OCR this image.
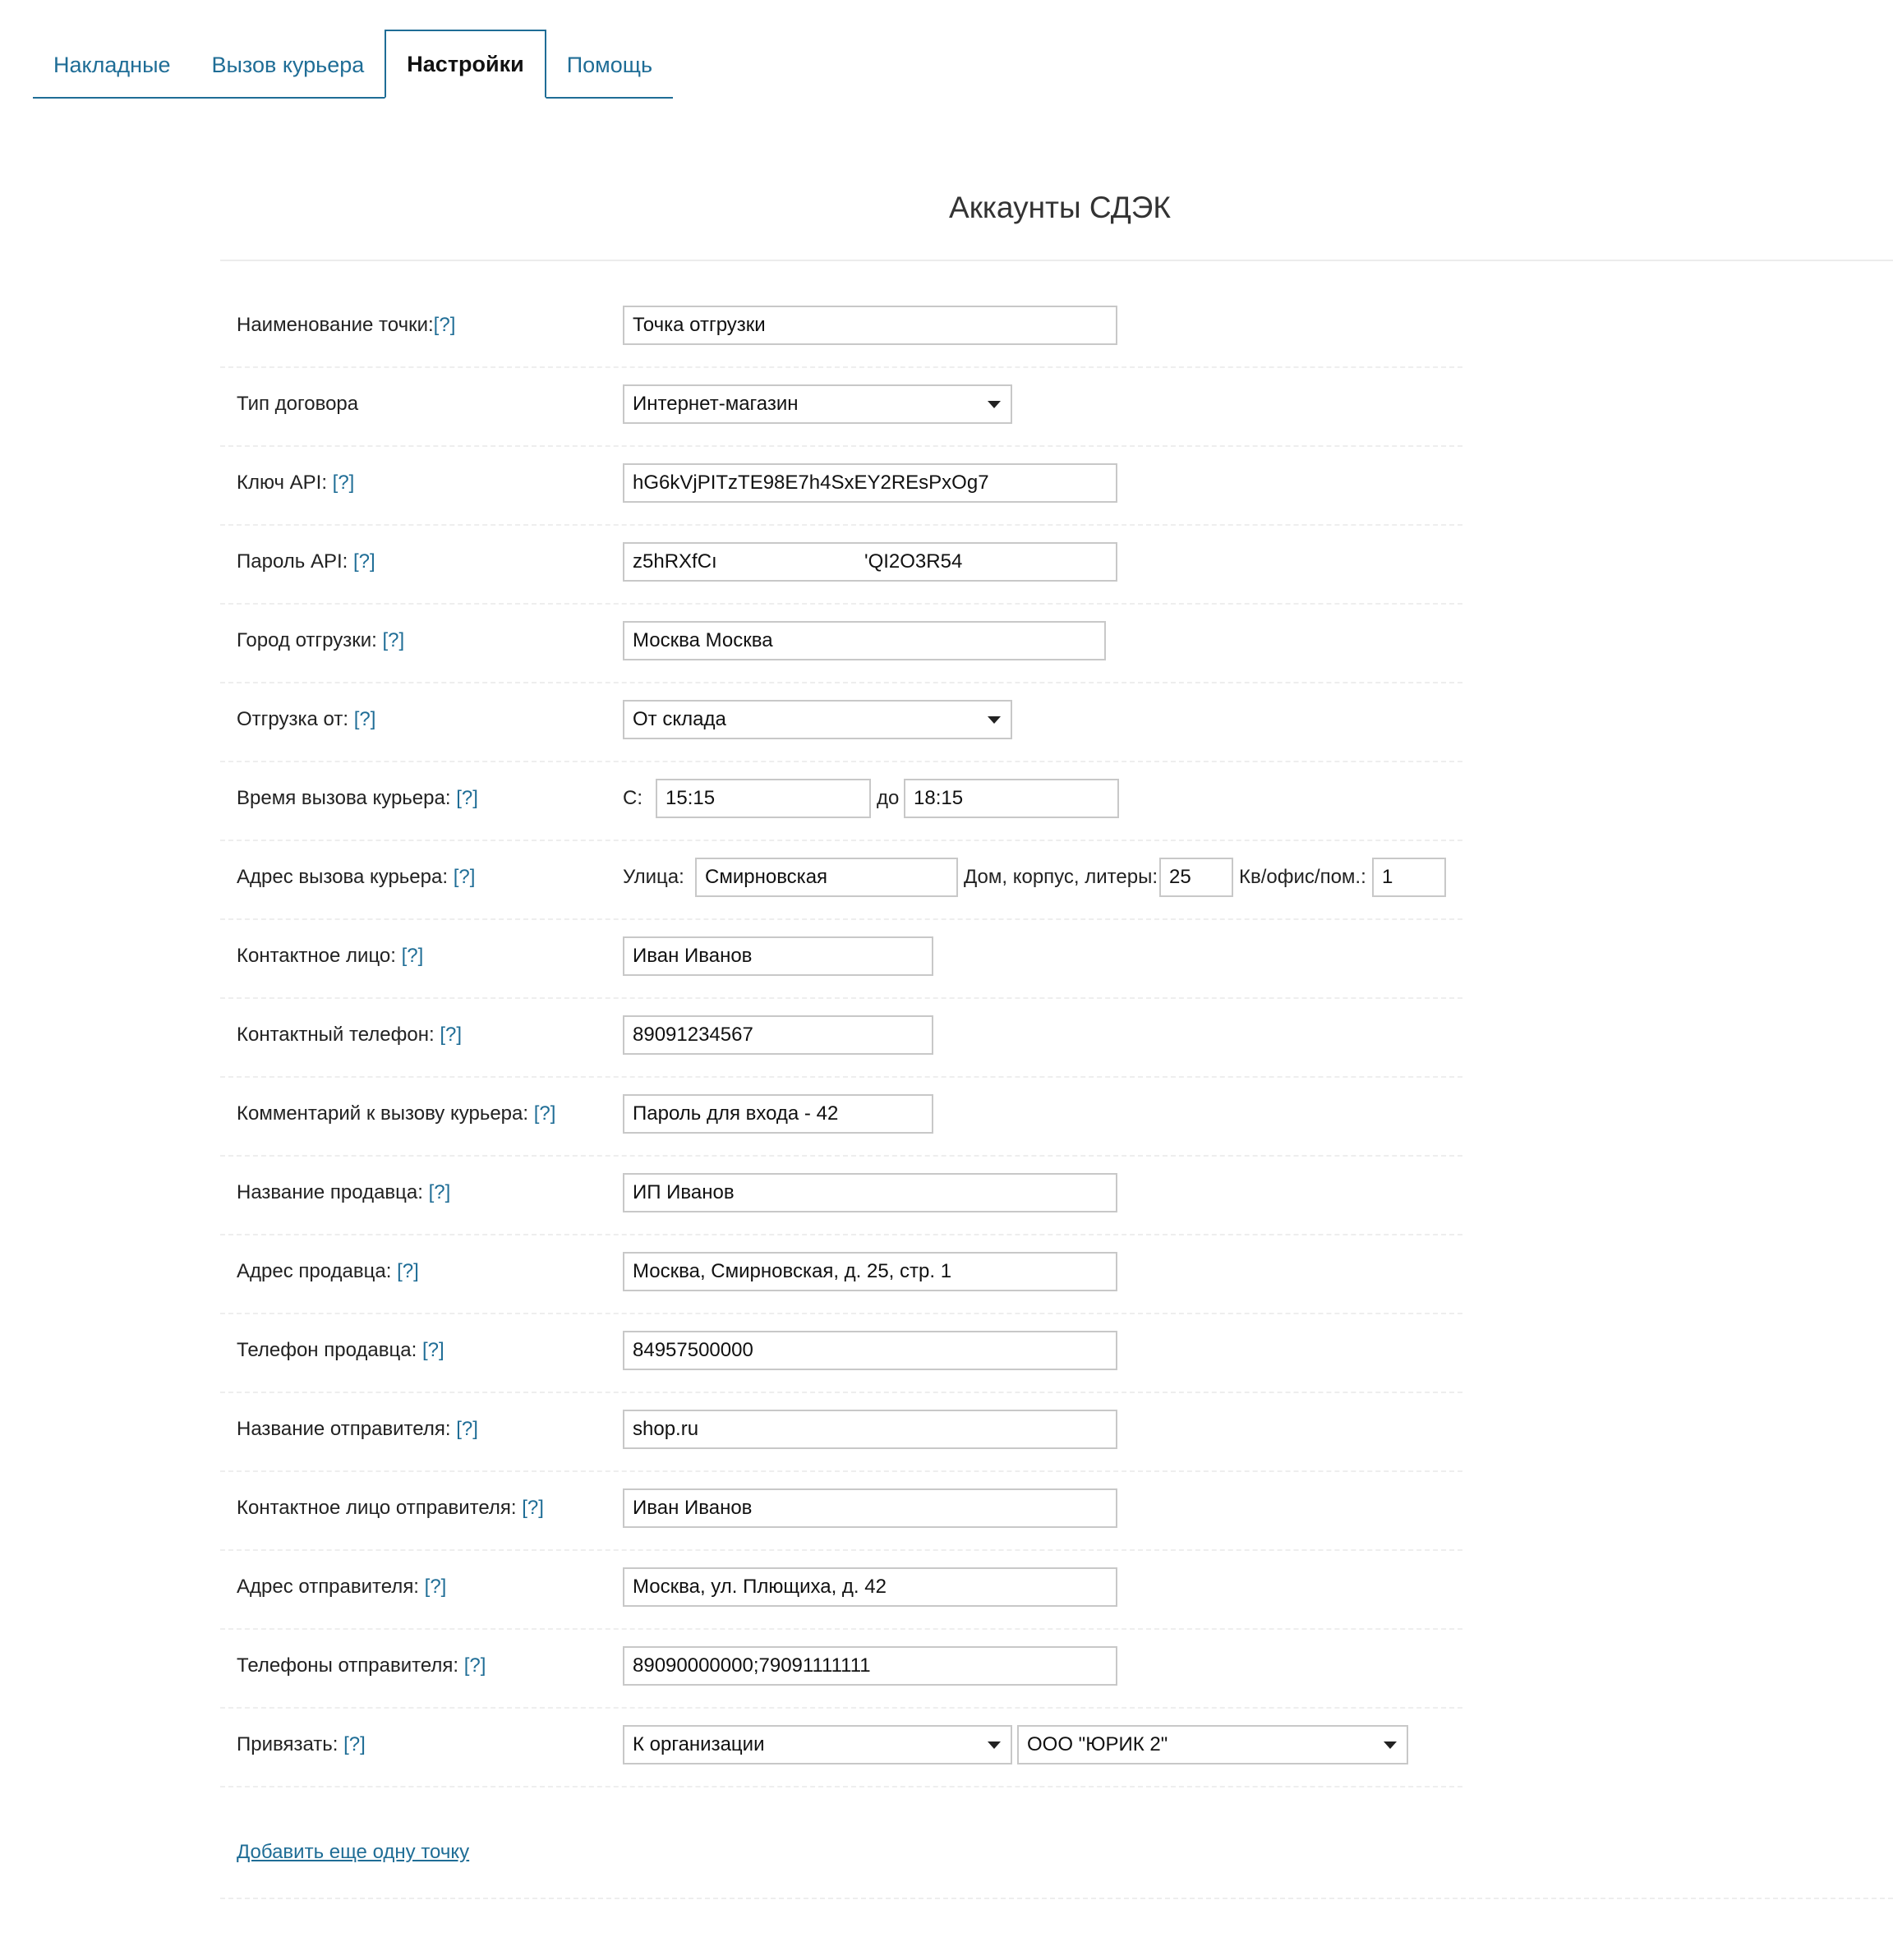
Накладные	Вызов курьера	Настройки	Помощь
Аккаунты СДЭК
Наименование точки:[?]	Точка отгрузки
Тип договора	Интернет-магазин
Ключ API: [?]	hG6kVjPITzTE98E7h4SxEY2REsPxOg7
Пароль API: [?]	z5hRXfCı	'QI2O3R54
Город отгрузки: [?]	Москва Москва
Отгрузка от: [?]	От склада
Время вызова курьера: [?]	С:	15:15	до 18:15
Адрес вызова курьера: [?]	Улица:	Смирновская	Дом, корпус, литеры: 25	Кв/офис/пом.: 1
Контактное лицо: [?]	Иван Иванов
Контактный телефон: [?]	89091234567
Комментарий к вызову курьера: [?]	Пароль для входа - 42
Название продавца: [?]	ИП Иванов
Адрес продавца: [?]	Москва, Смирновская, д. 25, стр. 1
Телефон продавца: [?]	84957500000
Название отправителя: [?]	shop.ru
Контактное лицо отправителя: [?]	Иван Иванов
Адрес отправителя: [?]	Москва, ул. Плющиха, д. 42
Телефоны отправителя: [?]	89090000000;79091111111
Привязать: [?]	К организации	ООО "ЮРИК 2"
Добавить еще одну точку
